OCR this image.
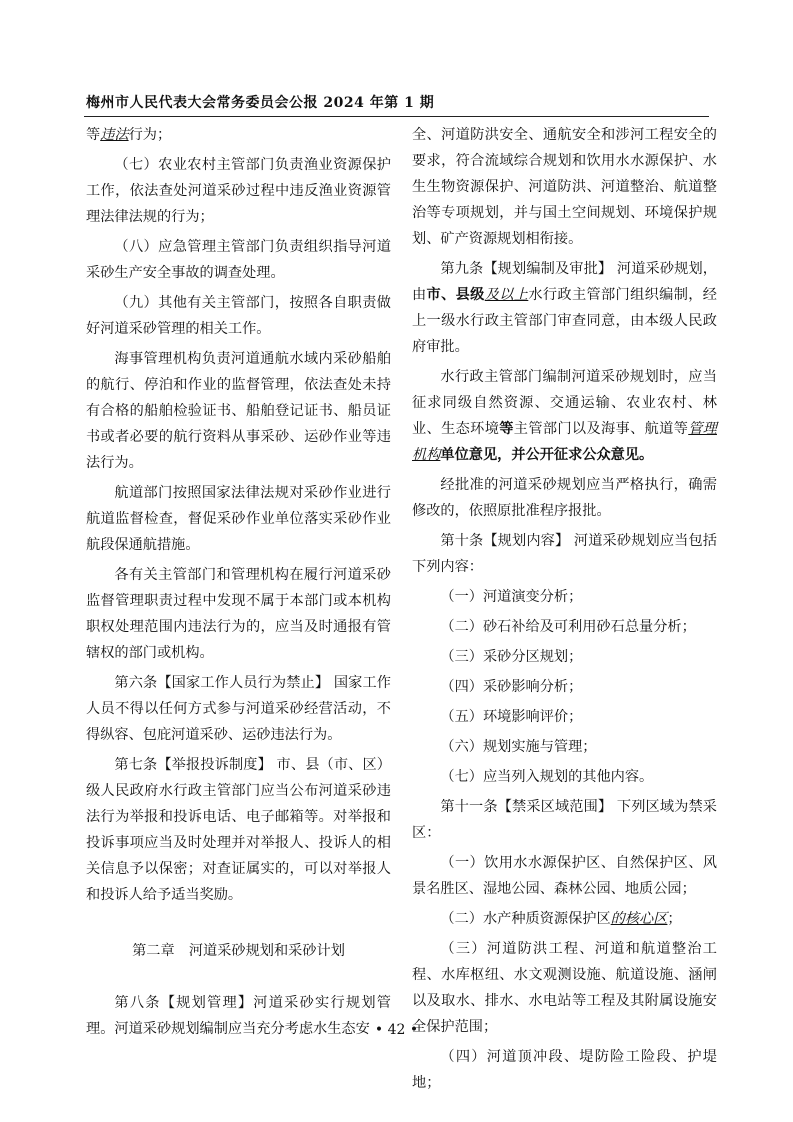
梅州市人民代表大会常务委员会公报 2024 年第 1 期

等违法行为；

（七）农业农村主管部门负责渔业资源保护工作，依法查处河道采砂过程中违反渔业资源管理法律法规的行为；

（八）应急管理主管部门负责组织指导河道采砂生产安全事故的调查处理。

（九）其他有关主管部门，按照各自职责做好河道采砂管理的相关工作。

海事管理机构负责河道通航水域内采砂船舶的航行、停泊和作业的监督管理，依法查处未持有合格的船舶检验证书、船舶登记证书、船员证书或者必要的航行资料从事采砂、运砂作业等违法行为。

航道部门按照国家法律法规对采砂作业进行航道监督检查，督促采砂作业单位落实采砂作业航段保通航措施。

各有关主管部门和管理机构在履行河道采砂监督管理职责过程中发现不属于本部门或本机构职权处理范围内违法行为的，应当及时通报有管辖权的部门或机构。

第六条【国家工作人员行为禁止】 国家工作人员不得以任何方式参与河道采砂经营活动，不得纵容、包庇河道采砂、运砂违法行为。

第七条【举报投诉制度】 市、县（市、区）级人民政府水行政主管部门应当公布河道采砂违法行为举报和投诉电话、电子邮箱等。对举报和投诉事项应当及时处理并对举报人、投诉人的相关信息予以保密；对查证属实的，可以对举报人和投诉人给予适当奖励。

第二章　河道采砂规划和采砂计划

第八条【规划管理】河道采砂实行规划管理。河道采砂规划编制应当充分考虑水生态安

全、河道防洪安全、通航安全和涉河工程安全的要求，符合流域综合规划和饮用水水源保护、水生生物资源保护、河道防洪、河道整治、航道整治等专项规划，并与国土空间规划、环境保护规划、矿产资源规划相衔接。

第九条【规划编制及审批】 河道采砂规划，由市、县级及以上水行政主管部门组织编制，经上一级水行政主管部门审查同意，由本级人民政府审批。

水行政主管部门编制河道采砂规划时，应当征求同级自然资源、交通运输、农业农村、林业、生态环境等主管部门以及海事、航道等管理机构单位意见，并公开征求公众意见。

经批准的河道采砂规划应当严格执行，确需修改的，依照原批准程序报批。

第十条【规划内容】 河道采砂规划应当包括下列内容：

（一）河道演变分析；

（二）砂石补给及可利用砂石总量分析；

（三）采砂分区规划；

（四）采砂影响分析；

（五）环境影响评价；

（六）规划实施与管理；

（七）应当列入规划的其他内容。

第十一条【禁采区域范围】 下列区域为禁采区：

（一）饮用水水源保护区、自然保护区、风景名胜区、湿地公园、森林公园、地质公园；

（二）水产种质资源保护区的核心区；

（三）河道防洪工程、河道和航道整治工程、水库枢纽、水文观测设施、航道设施、涵闸以及取水、排水、水电站等工程及其附属设施安全保护范围；

（四）河道顶冲段、堤防险工险段、护堤地；

• 42 •
